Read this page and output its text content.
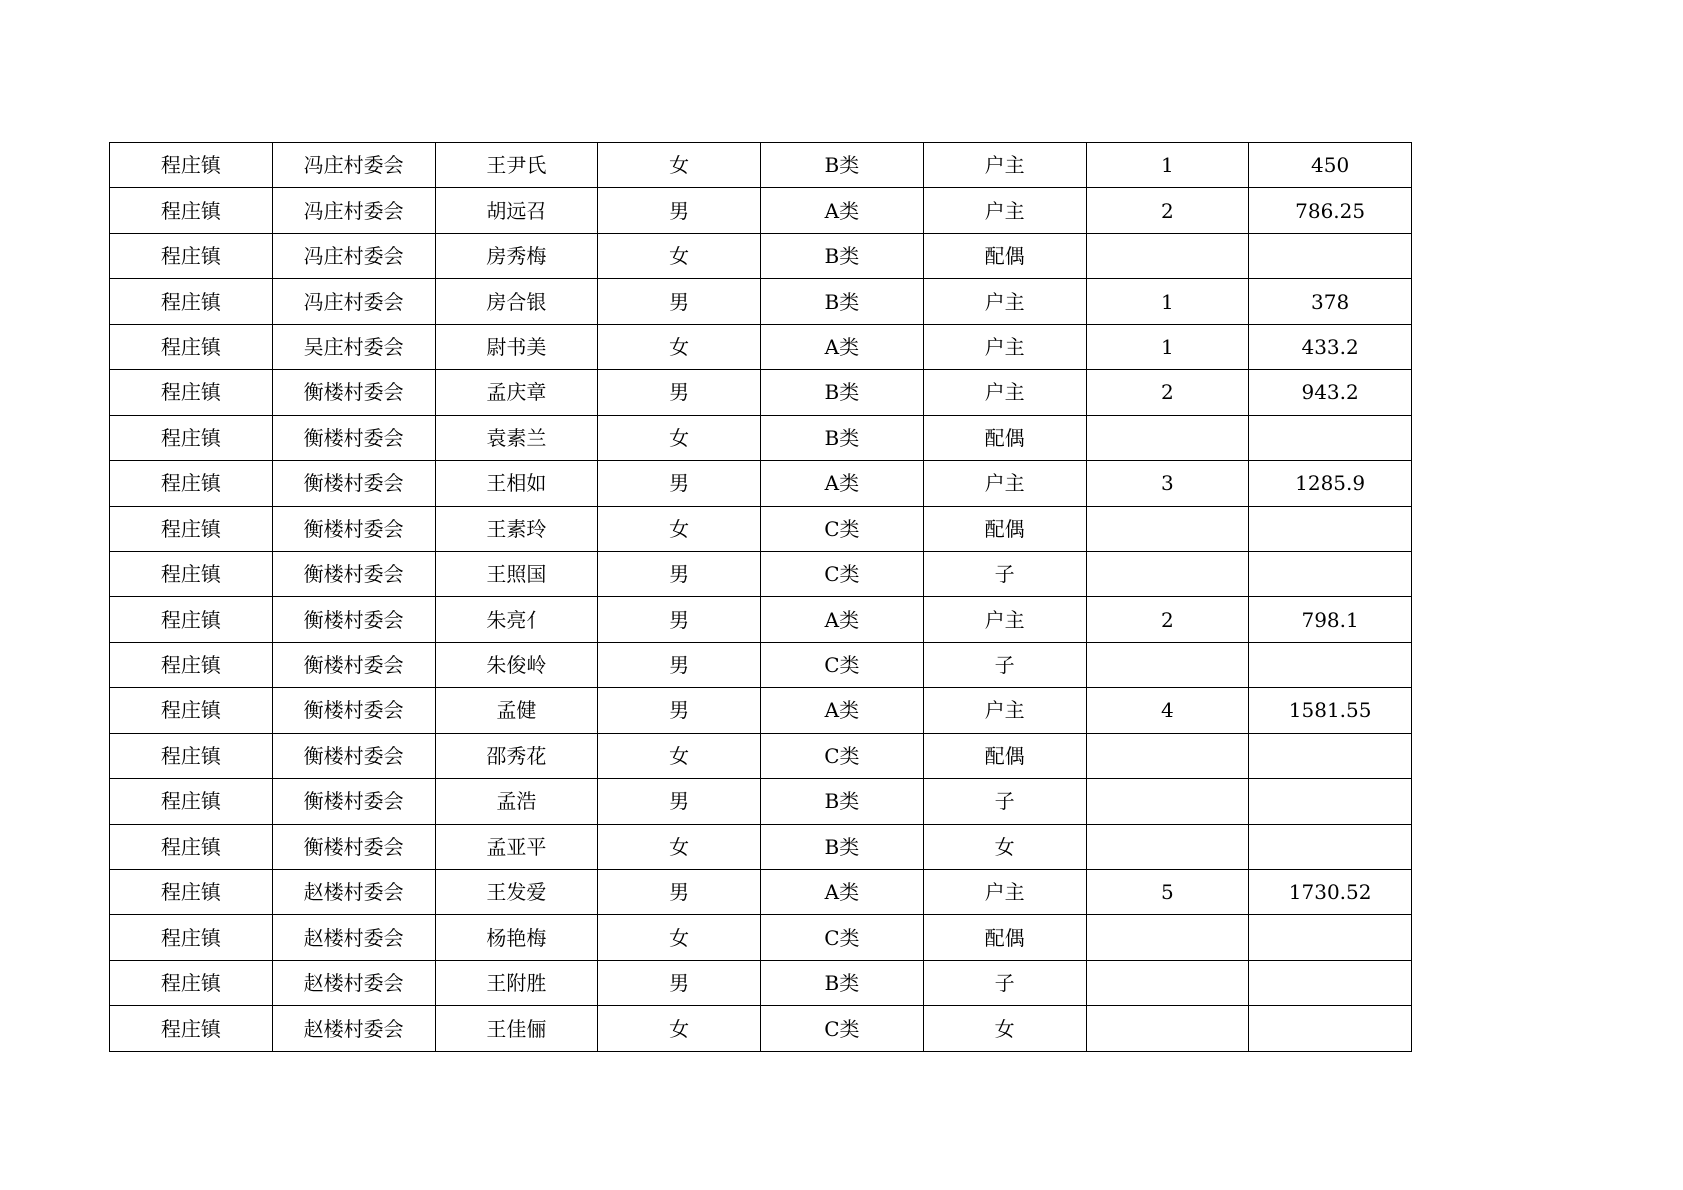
程庄镇	冯庄村委会	王尹氏	女	B类	户主	1	450
程庄镇	冯庄村委会	胡远召	男	A类	户主	2	786.25
程庄镇	冯庄村委会	房秀梅	女	B类	配偶		
程庄镇	冯庄村委会	房合银	男	B类	户主	1	378
程庄镇	吴庄村委会	尉书美	女	A类	户主	1	433.2
程庄镇	衡楼村委会	孟庆章	男	B类	户主	2	943.2
程庄镇	衡楼村委会	袁素兰	女	B类	配偶		
程庄镇	衡楼村委会	王相如	男	A类	户主	3	1285.9
程庄镇	衡楼村委会	王素玲	女	C类	配偶		
程庄镇	衡楼村委会	王照国	男	C类	子		
程庄镇	衡楼村委会	朱亮亻	男	A类	户主	2	798.1
程庄镇	衡楼村委会	朱俊岭	男	C类	子		
程庄镇	衡楼村委会	孟健	男	A类	户主	4	1581.55
程庄镇	衡楼村委会	邵秀花	女	C类	配偶		
程庄镇	衡楼村委会	孟浩	男	B类	子		
程庄镇	衡楼村委会	孟亚平	女	B类	女		
程庄镇	赵楼村委会	王发爱	男	A类	户主	5	1730.52
程庄镇	赵楼村委会	杨艳梅	女	C类	配偶		
程庄镇	赵楼村委会	王附胜	男	B类	子		
程庄镇	赵楼村委会	王佳俪	女	C类	女		
